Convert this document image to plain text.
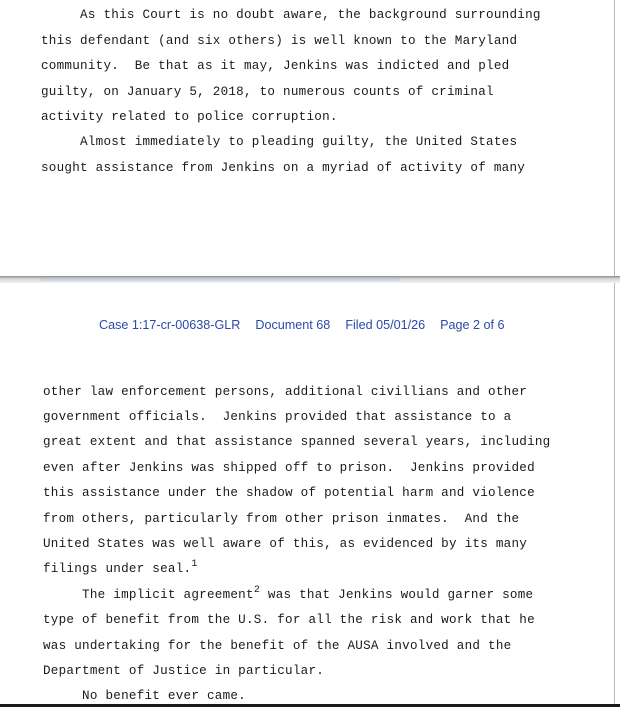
As this Court is no doubt aware, the background surrounding
this defendant (and six others) is well known to the Maryland
community.  Be that as it may, Jenkins was indicted and pled
guilty, on January 5, 2018, to numerous counts of criminal
activity related to police corruption.
Almost immediately to pleading guilty, the United States
sought assistance from Jenkins on a myriad of activity of many

Case 1:17-cr-00638-GLR Document 68 Filed 05/01/26 Page 2 of 6

other law enforcement persons, additional civillians and other
government officials.  Jenkins provided that assistance to a
great extent and that assistance spanned several years, including
even after Jenkins was shipped off to prison.  Jenkins provided
this assistance under the shadow of potential harm and violence
from others, particularly from other prison inmates.  And the
United States was well aware of this, as evidenced by its many
filings under seal.$^1$
The implicit agreement$^2$ was that Jenkins would garner some
type of benefit from the U.S. for all the risk and work that he
was undertaking for the benefit of the AUSA involved and the
Department of Justice in particular.
No benefit ever came.
